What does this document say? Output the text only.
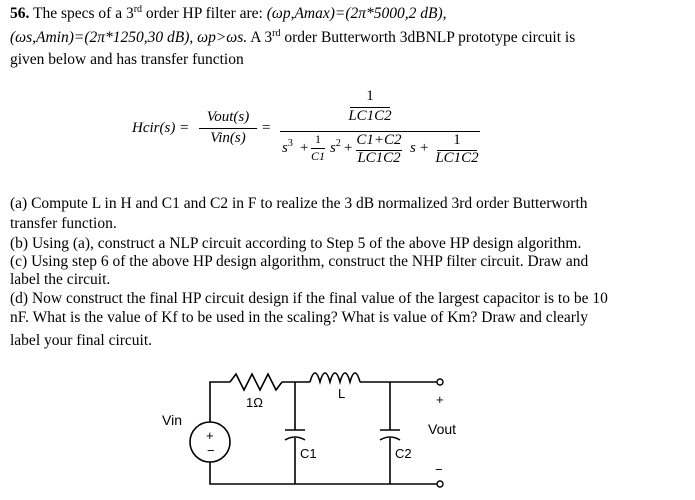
56. The specs of a 3rd order HP filter are: (ωp,Amax)=(2π*5000,2 dB),
(ωs,Amin)=(2π*1250,30 dB), ωp>ωs. A 3rd order Butterworth 3dBNLP prototype circuit is
given below and has transfer function
Hcir(s) =
Vout(s)
Vin(s)
=
1
LC1C2
$s^3$ +
1
C1 $s^2 + C1+C2$
LC1C2
s +	1
LC1C2
(a) Compute L in H and C1 and C2 in F to realize the 3 dB normalized 3rd order Butterworth
transfer function.
(b) Using (a), construct a NLP circuit according to Step 5 of the above HP design algorithm.
(c) Using step 6 of the above HP design algorithm, construct the NHP filter circuit. Draw and
label the circuit.
(d) Now construct the final HP circuit design if the final value of the largest capacitor is to be 10
nF. What is the value of Kf to be used in the scaling? What is value of Km? Draw and clearly
label your final circuit.
+
−
Vin
1Ω
L
C1	C2
+
−
Vout
